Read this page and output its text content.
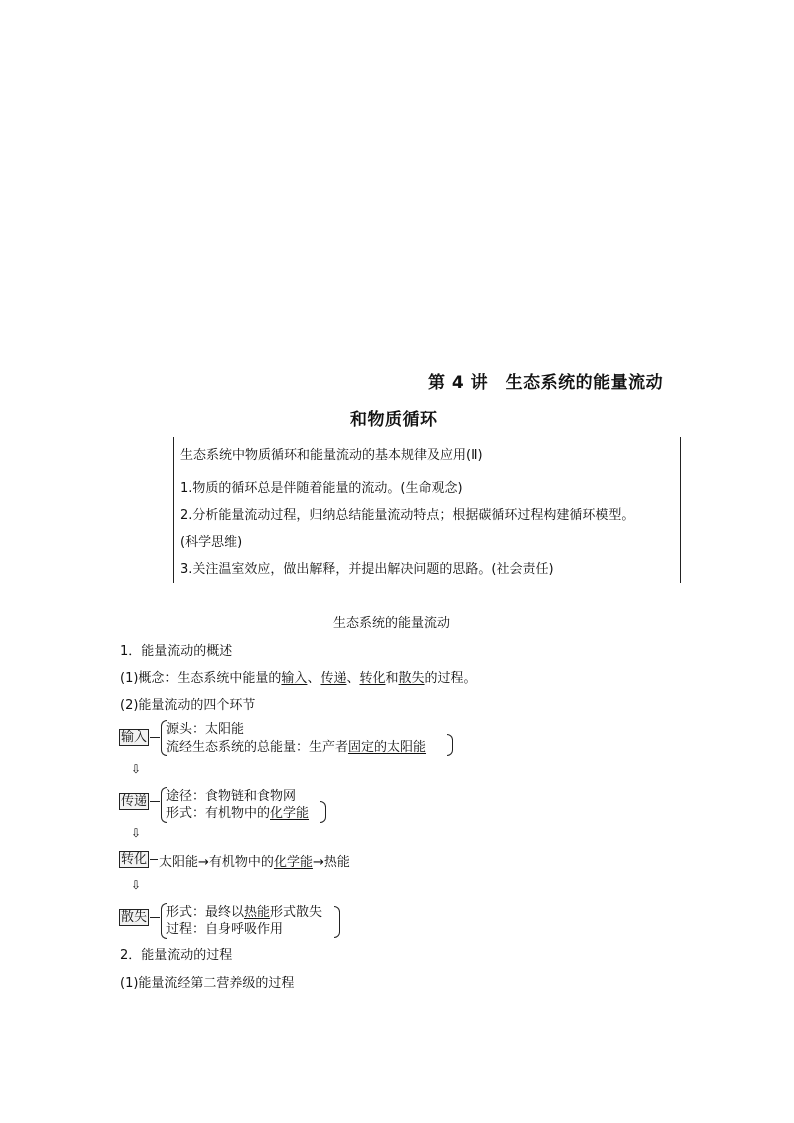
第 4 讲　生态系统的能量流动
和物质循环
生态系统中物质循环和能量流动的基本规律及应用(Ⅱ)
1.物质的循环总是伴随着能量的流动。(生命观念)
2.分析能量流动过程，归纳总结能量流动特点；根据碳循环过程构建循环模型。
(科学思维)
3.关注温室效应，做出解释，并提出解决问题的思路。(社会责任)
生态系统的能量流动
1．能量流动的概述
(1)概念：生态系统中能量的输入、传递、转化和散失的过程。
(2)能量流动的四个环节
输入
源头：太阳能
流经生态系统的总能量：生产者固定的太阳能
⇩
传递 途径：食物链和食物网
形式：有机物中的化学能
⇩
转化 太阳能→有机物中的化学能→热能
⇩
散失 形式：最终以热能形式散失
过程：自身呼吸作用
2．能量流动的过程
(1)能量流经第二营养级的过程
